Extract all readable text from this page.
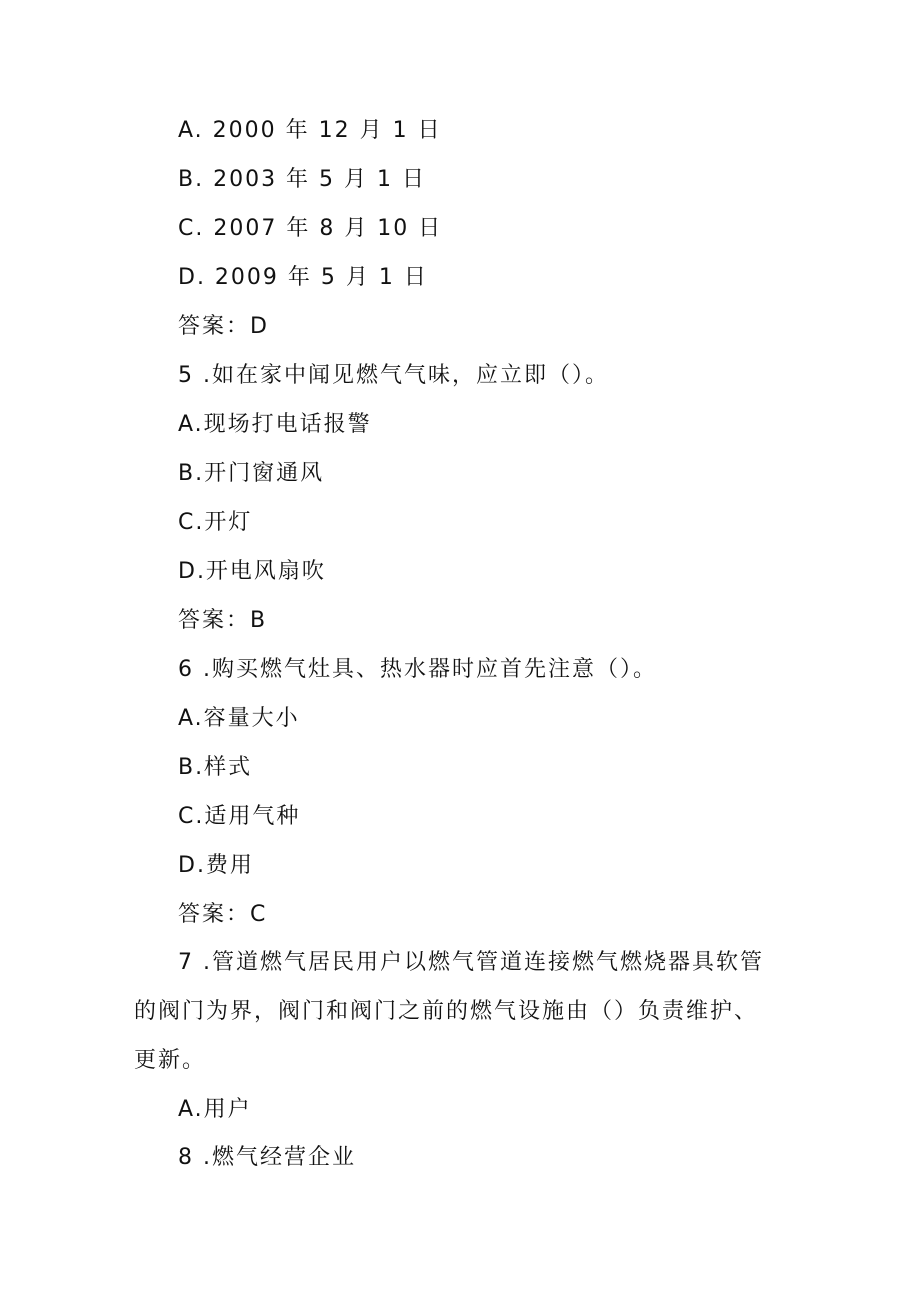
A. 2000 年 12 月 1 日
B. 2003 年 5 月 1 日
C. 2007 年 8 月 10 日
D. 2009 年 5 月 1 日
答案：D
5 .如在家中闻见燃气气味，应立即（）。
A.现场打电话报警
B.开门窗通风
C.开灯
D.开电风扇吹
答案：B
6 .购买燃气灶具、热水器时应首先注意（）。
A.容量大小
B.样式
C.适用气种
D.费用
答案：C
7 .管道燃气居民用户以燃气管道连接燃气燃烧器具软管
的阀门为界，阀门和阀门之前的燃气设施由（）负责维护、
更新。
A.用户
8 .燃气经营企业
